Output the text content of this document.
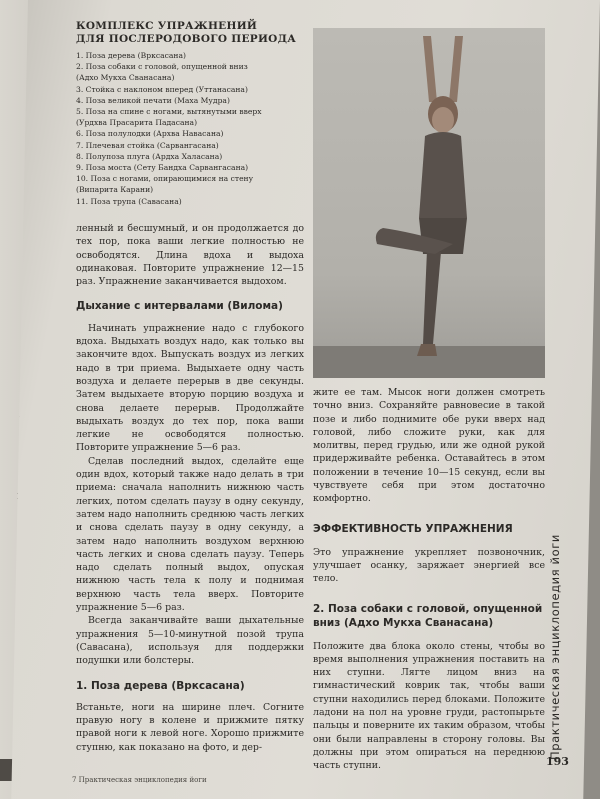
КОМПЛЕКС УПРАЖНЕНИЙ
ДЛЯ ПОСЛЕРОДОВОГО ПЕРИОДА
1. Поза дерева (Врксасана)
2. Поза собаки с головой, опущенной вниз
(Адхо Мукха Сванасана)
3. Стойка с наклоном вперед (Уттанасана)
4. Поза великой печати (Маха Мудра)
5. Поза на спине с ногами, вытянутыми вверх
(Урдхва Прасарита Падасана)
6. Поза полулодки (Архва Навасана)
7. Плечевая стойка (Сарвангасана)
8. Полупоза плуга (Ардха Халасана)
9. Поза моста (Сету Бандха Сарвангасана)
10. Поза с ногами, опирающимися на стену
(Випарита Карани)
11. Поза трупа (Савасана)

ленный и бесшумный, и он продолжается до тех пор, пока ваши легкие полностью не освободятся. Длина вдоха и выдоха одинаковая. Повторите упражнение 12—15 раз. Упражнение заканчивается выдохом.

Дыхание с интервалами (Вилома)

Начинать упражнение надо с глубокого вдоха. Выдыхать воздух надо, как только вы закончите вдох. Выпускать воздух из легких надо в три приема. Выдыхаете одну часть воздуха и делаете перерыв в две секунды. Затем выдыхаете вторую порцию воздуха и снова делаете перерыв. Продолжайте выдыхать воздух до тех пор, пока ваши легкие не освободятся полностью. Повторите упражнение 5—6 раз.

Сделав последний выдох, сделайте еще один вдох, который также надо делать в три приема: сначала наполнить нижнюю часть легких, потом сделать паузу в одну секунду, затем надо наполнить среднюю часть легких и снова сделать паузу в одну секунду, а затем надо наполнить воздухом верхнюю часть легких и снова сделать паузу. Теперь надо сделать полный выдох, опуская нижнюю часть тела к полу и поднимая верхнюю часть тела вверх. Повторите упражнение 5—6 раз.

Всегда заканчивайте ваши дыхательные упражнения 5—10-минутной позой трупа (Савасана), используя для поддержки подушки или болстеры.

1. Поза дерева (Врксасана)

Встаньте, ноги на ширине плеч. Согните правую ногу в колене и прижмите пятку правой ноги к левой ноге. Хорошо прижмите ступню, как показано на фото, и дер-

жите ее там. Мысок ноги должен смотреть точно вниз. Сохраняйте равновесие в такой позе и либо поднимите обе руки вверх над головой, либо сложите руки, как для молитвы, перед грудью, или же одной рукой придерживайте ребенка. Оставайтесь в этом положении в течение 10—15 секунд, если вы чувствуете себя при этом достаточно комфортно.

ЭФФЕКТИВНОСТЬ УПРАЖНЕНИЯ

Это упражнение укрепляет позвоночник, улучшает осанку, заряжает энергией все тело.

2. Поза собаки с головой, опущенной
вниз (Адхо Мукха Сванасана)

Положите два блока около стены, чтобы во время выполнения упражнения поставить на них ступни. Лягте лицом вниз на гимнастический коврик так, чтобы ваши ступни находились перед блоками. Положите ладони на пол на уровне груди, растопырьте пальцы и поверните их таким образом, чтобы они были направлены в сторону головы. Вы должны при этом опираться на переднюю часть ступни.

Практическая энциклопедия йоги
193
7 Практическая энциклопедия йоги
